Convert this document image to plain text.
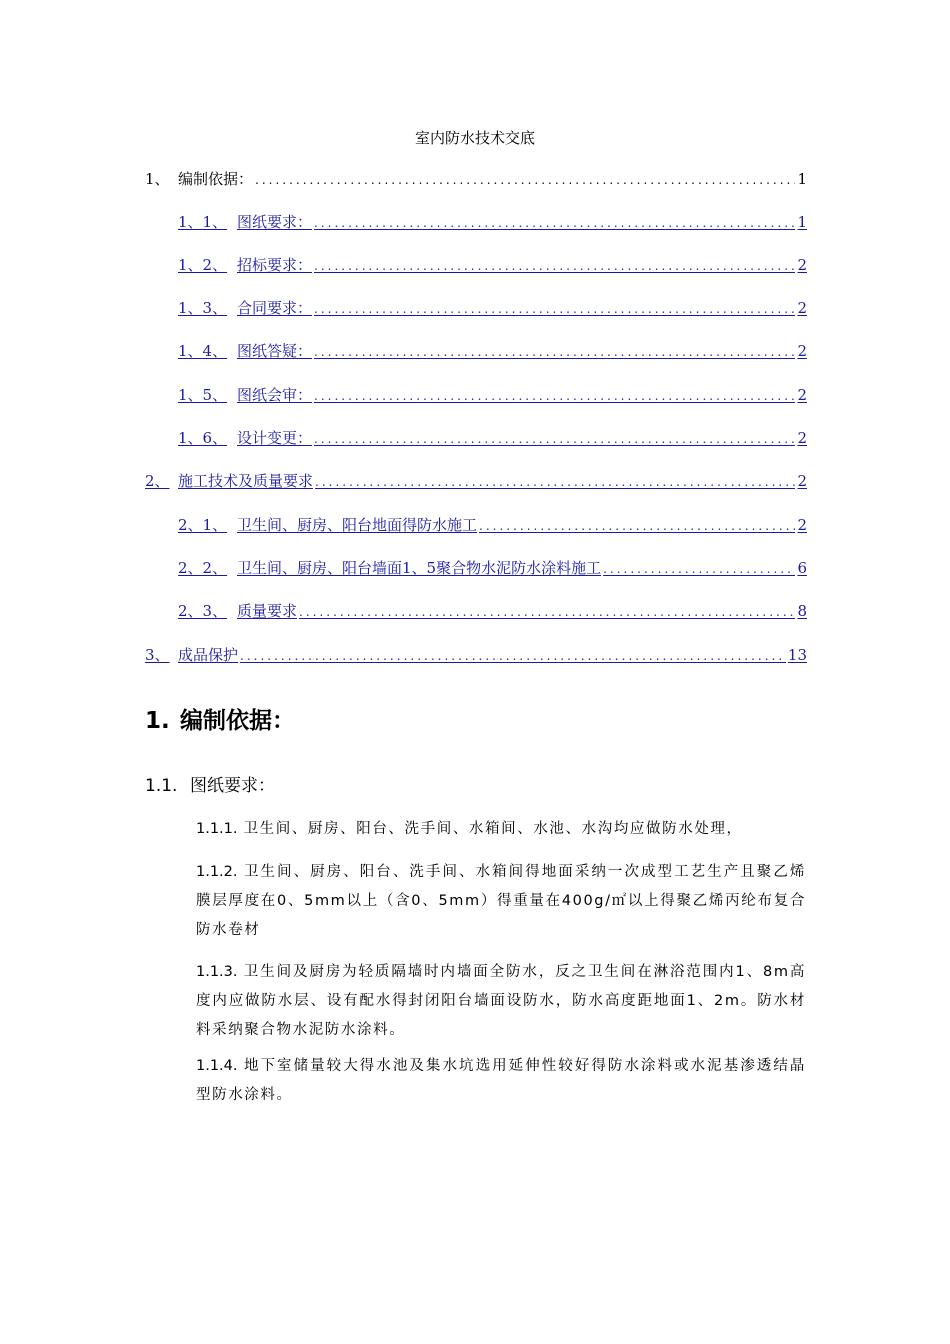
室内防水技术交底
1、 编制依据： .....	1
1、1、 图纸要求： .....	1
1、2、 招标要求： .....	2
1、3、 合同要求： .....	2
1、4、 图纸答疑： .....	2
1、5、 图纸会审： .....	2
1、6、 设计变更： .....	2
2、 施工技术及质量要求 .....	2
2、1、 卫生间、厨房、阳台地面得防水施工 .....	2
2、2、 卫生间、厨房、阳台墙面1、5聚合物水泥防水涂料施工 .....	6
2、3、 质量要求 .....	8
3、 成品保护 .....	13
1. 编制依据：
1.1. 图纸要求：
1.1.1. 卫生间、厨房、阳台、洗手间、水箱间、水池、水沟均应做防水处理，
1.1.2. 卫生间、厨房、阳台、洗手间、水箱间得地面采纳一次成型工艺生产且聚乙烯膜层厚度在0、5mm以上（含0、5mm）得重量在400g/㎡以上得聚乙烯丙纶布复合防水卷材
1.1.3. 卫生间及厨房为轻质隔墙时内墙面全防水，反之卫生间在淋浴范围内1、8m高度内应做防水层、设有配水得封闭阳台墙面设防水，防水高度距地面1、2m。防水材料采纳聚合物水泥防水涂料。
1.1.4. 地下室储量较大得水池及集水坑选用延伸性较好得防水涂料或水泥基渗透结晶型防水涂料。
